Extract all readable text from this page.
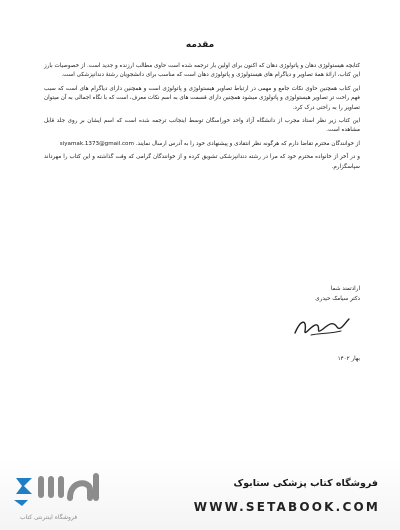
مقدمه

کتابچه هیستولوژی دهان و پاتولوژی دهان که اکنون برای اولین بار ترجمه شده است حاوی مطالب ارزنده و جدید است. از خصوصیات بارز این کتاب، ارائهٔ همهٔ تصاویر و دیاگرام های هیستولوژی و پاتولوژی دهان است که مناسب برای دانشجویان رشتهٔ دندانپزشکی است.

این کتاب همچنین حاوی نکات جامع و مهمی در ارتباط تصاویر هیستولوژی و پاتولوژی است و همچنین دارای دیاگرام های است که سبب فهم راحت تر تصاویر هیستولوژی و پاتولوژی میشود همچنین دارای قسمت های به اسم نکات معرف، است که با نگاه اجمالی به آن میتوان تصاویر را به راحتی درک کرد.

این کتاب زیر نظر استاد مجرب از دانشگاه آزاد واحد خوراسگان توسط اینجانب ترجمه شده است که اسم ایشان بر روی جلد قابل مشاهده است.

از خوانندگان محترم تقاضا دارم که هرگونه نظر انتقادی و پیشنهادی خود را به آدرس ارسال نمایند. siyamak.1373@gmail.com

و در آخر از خانواده محترم خود که مرا در رشته دندانپزشکی تشویق کرده و از خوانندگان گرامی که وقت گذاشته و این کتاب را مهرداند سپاسگزارم.

ارادتمند شما
دکتر سیامک حیدری
بهار ۱۴۰۲
فروشگاه اینترنتی کتاب
فروشگاه کتاب پزشکی ستابوک
WWW.SETABOOK.COM
